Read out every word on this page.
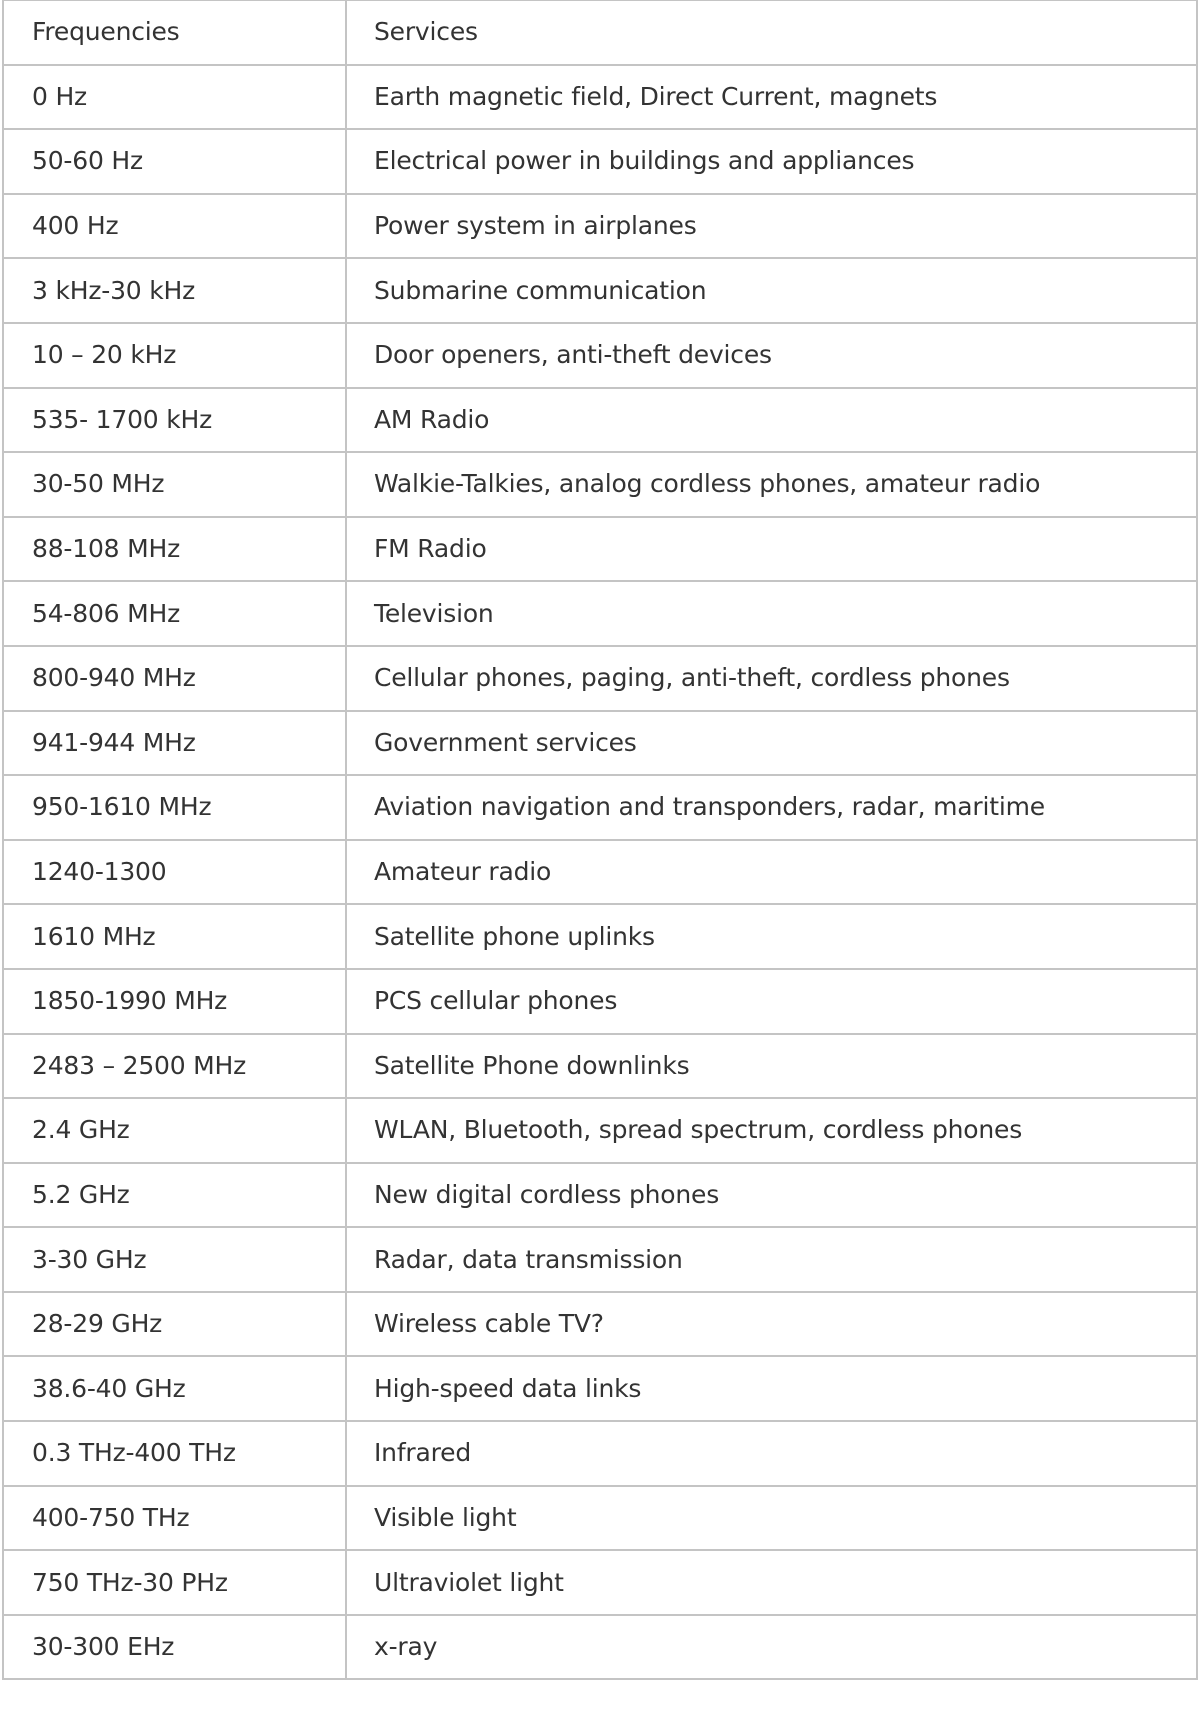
Frequencies	Services
0 Hz	Earth magnetic field, Direct Current, magnets
50-60 Hz	Electrical power in buildings and appliances
400 Hz	Power system in airplanes
3 kHz-30 kHz	Submarine communication
10 – 20 kHz	Door openers, anti-theft devices
535- 1700 kHz	AM Radio
30-50 MHz	Walkie-Talkies, analog cordless phones, amateur radio
88-108 MHz	FM Radio
54-806 MHz	Television
800-940 MHz	Cellular phones, paging, anti-theft, cordless phones
941-944 MHz	Government services
950-1610 MHz	Aviation navigation and transponders, radar, maritime
1240-1300	Amateur radio
1610 MHz	Satellite phone uplinks
1850-1990 MHz	PCS cellular phones
2483 – 2500 MHz	Satellite Phone downlinks
2.4 GHz	WLAN, Bluetooth, spread spectrum, cordless phones
5.2 GHz	New digital cordless phones
3-30 GHz	Radar, data transmission
28-29 GHz	Wireless cable TV?
38.6-40 GHz	High-speed data links
0.3 THz-400 THz	Infrared
400-750 THz	Visible light
750 THz-30 PHz	Ultraviolet light
30-300 EHz	x-ray
